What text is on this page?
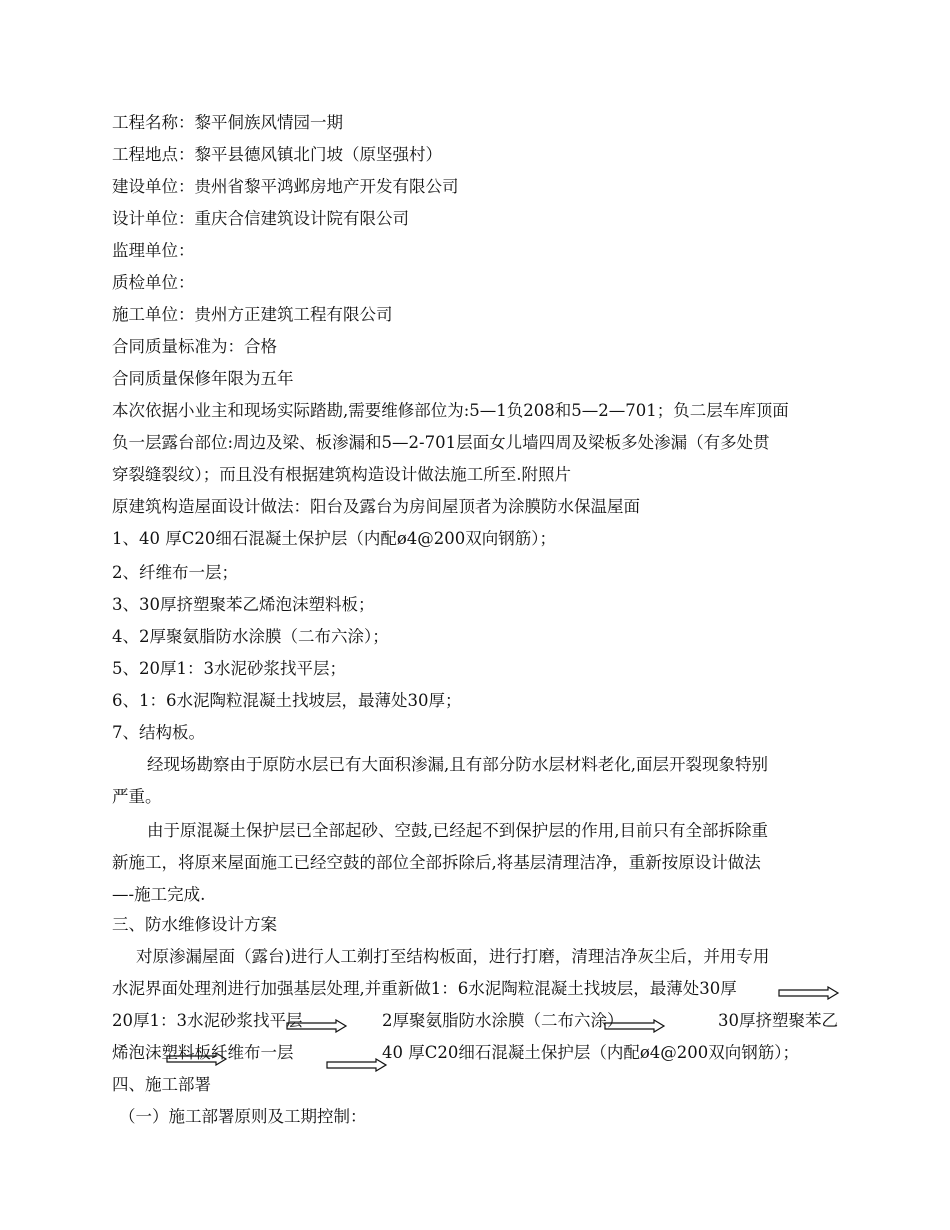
工程名称：黎平侗族风情园一期
工程地点：黎平县德风镇北门坡（原坚强村）
建设单位：贵州省黎平鸿邺房地产开发有限公司
设计单位：重庆合信建筑设计院有限公司
监理单位：
质检单位：
施工单位：贵州方正建筑工程有限公司
合同质量标准为：合格
合同质量保修年限为五年
本次依据小业主和现场实际踏勘,需要维修部位为:5—1负208和5—2—701；负二层车库顶面
负一层露台部位:周边及梁、板渗漏和5—2-701层面女儿墙四周及梁板多处渗漏（有多处贯
穿裂缝裂纹）；而且没有根据建筑构造设计做法施工所至.附照片
原建筑构造屋面设计做法：阳台及露台为房间屋顶者为涂膜防水保温屋面
1、40 厚C20细石混凝土保护层（内配ø4@200双向钢筋）；
2、纤维布一层；
3、30厚挤塑聚苯乙烯泡沫塑料板；
4、2厚聚氨脂防水涂膜（二布六涂）；
5、20厚1：3水泥砂浆找平层；
6、1：6水泥陶粒混凝土找坡层，最薄处30厚；
7、结构板。
经现场勘察由于原防水层已有大面积渗漏,且有部分防水层材料老化,面层开裂现象特别
严重。
由于原混凝土保护层已全部起砂、空鼓,已经起不到保护层的作用,目前只有全部拆除重
新施工，将原来屋面施工已经空鼓的部位全部拆除后,将基层清理洁净，重新按原设计做法
—-施工完成.
三、防水维修设计方案
对原渗漏屋面（露台)进行人工剃打至结构板面，进行打磨，清理洁净灰尘后，并用专用
水泥界面处理剂进行加强基层处理,并重新做1：6水泥陶粒混凝土找坡层，最薄处30厚
20厚1：3水泥砂浆找平层	2厚聚氨脂防水涂膜（二布六涂）	30厚挤塑聚苯乙
烯泡沫塑料板纤维布一层	40 厚C20细石混凝土保护层（内配ø4@200双向钢筋）；
四、施工部署
（一）施工部署原则及工期控制：
